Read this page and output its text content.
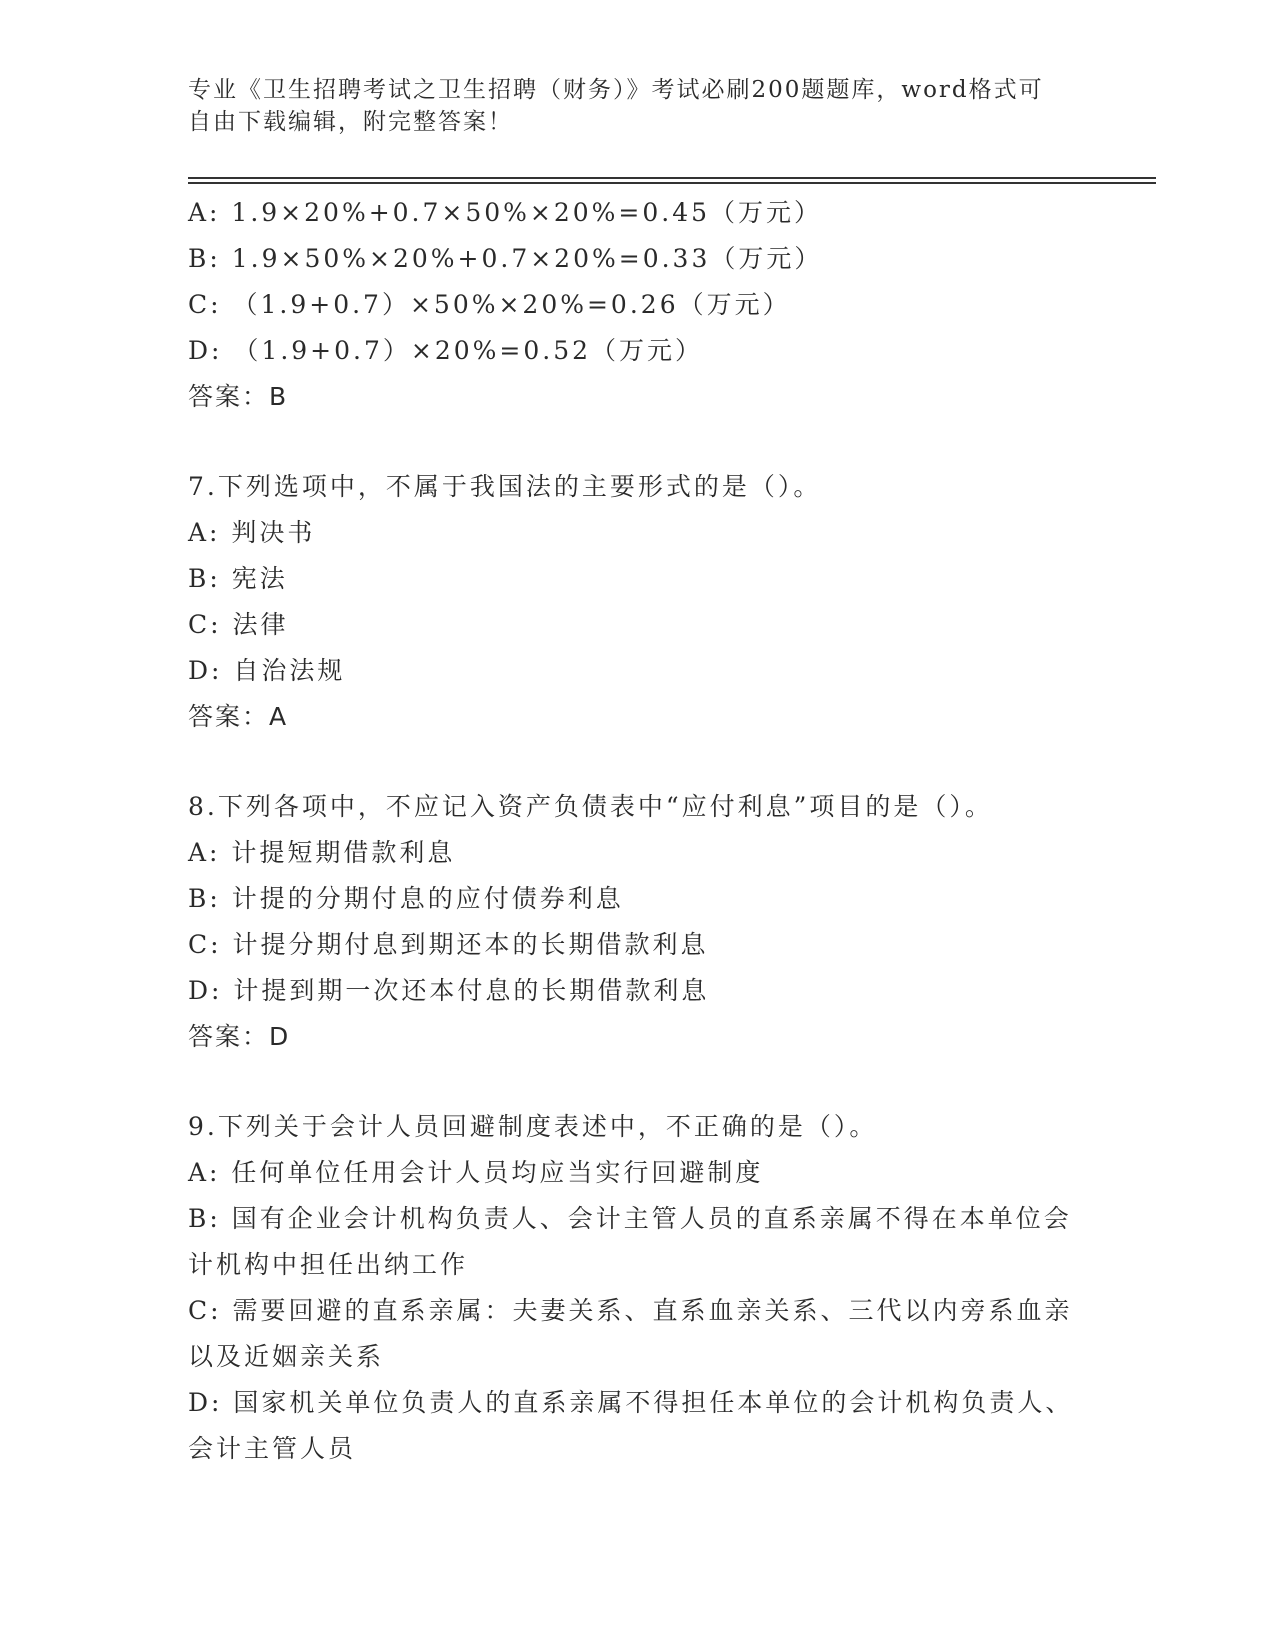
专业《卫生招聘考试之卫生招聘（财务）》考试必刷200题题库，word格式可自由下载编辑，附完整答案！
A: 1.9×20%+0.7×50%×20%=0.45（万元）
B: 1.9×50%×20%+0.7×20%=0.33（万元）
C: （1.9+0.7）×50%×20%=0.26（万元）
D: （1.9+0.7）×20%=0.52（万元）
答案：B
7.下列选项中，不属于我国法的主要形式的是（）。
A: 判决书
B: 宪法
C: 法律
D: 自治法规
答案：A
8.下列各项中，不应记入资产负债表中“应付利息”项目的是（）。
A: 计提短期借款利息
B: 计提的分期付息的应付债券利息
C: 计提分期付息到期还本的长期借款利息
D: 计提到期一次还本付息的长期借款利息
答案：D
9.下列关于会计人员回避制度表述中，不正确的是（）。
A: 任何单位任用会计人员均应当实行回避制度
B: 国有企业会计机构负责人、会计主管人员的直系亲属不得在本单位会计机构中担任出纳工作
C: 需要回避的直系亲属：夫妻关系、直系血亲关系、三代以内旁系血亲以及近姻亲关系
D: 国家机关单位负责人的直系亲属不得担任本单位的会计机构负责人、会计主管人员
